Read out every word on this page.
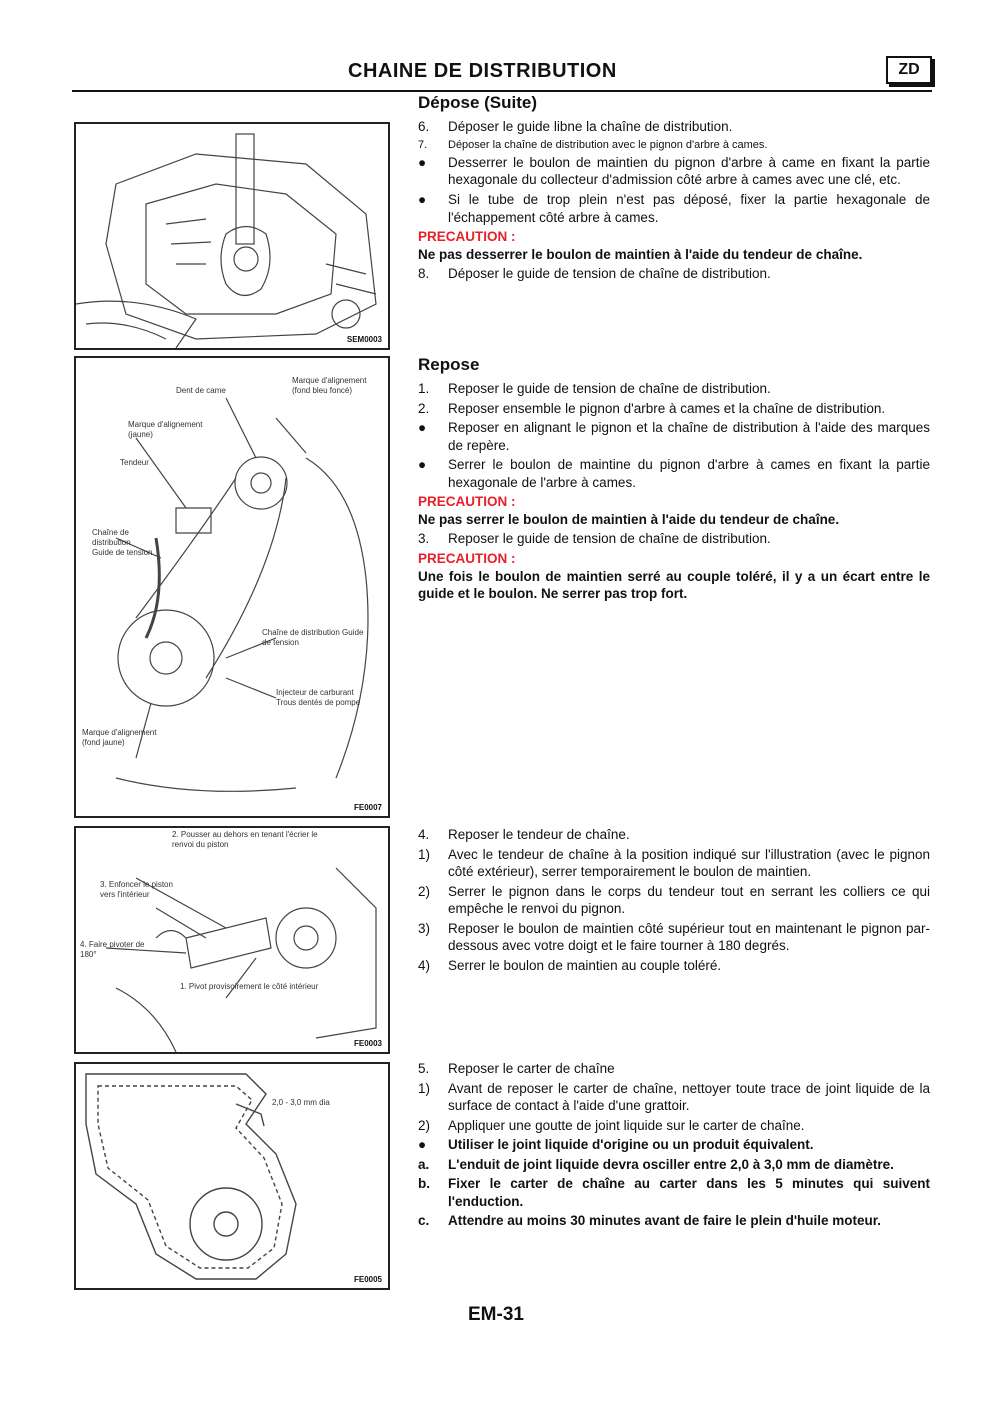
CHAINE DE DISTRIBUTION	ZD
SEM0003
Dent de came
Marque d'alignement (fond bleu foncé)
Marque d'alignement (jaune)
Tendeur
Chaîne de distribution Guide de tension
Chaîne de distribution Guide de tension
Injecteur de carburant Trous dentés de pompe
Marque d'alignement (fond jaune)
FE0007
2. Pousser au dehors en tenant l'écrier le renvoi du piston
3. Enfoncer le piston vers l'intérieur
4. Faire pivoter de 180°
1. Pivot provisoirement le côté intérieur
FE0003
2,0 - 3,0 mm dia
FE0005
Dépose (Suite)
6.	Déposer le guide libne la chaîne de distribution.
7.	Déposer la chaîne de distribution avec le pignon d'arbre à cames.
●	Desserrer le boulon de maintien du pignon d'arbre à came en fixant la partie hexagonale du collecteur d'admission côté arbre à cames avec une clé, etc.
●	Si le tube de trop plein n'est pas déposé, fixer la partie hexagonale de l'échappement côté arbre à cames.
PRECAUTION :
Ne pas desserrer le boulon de maintien à l'aide du tendeur de chaîne.
8.	Déposer le guide de tension de chaîne de distribution.
Repose
1.	Reposer le guide de tension de chaîne de distribution.
2.	Reposer ensemble le pignon d'arbre à cames et la chaîne de distribution.
●	Reposer en alignant le pignon et la chaîne de distribution à l'aide des marques de repère.
●	Serrer le boulon de maintine du pignon d'arbre à cames en fixant la partie hexagonale de l'arbre à cames.
PRECAUTION :
Ne pas serrer le boulon de maintien à l'aide du tendeur de chaîne.
3.	Reposer le guide de tension de chaîne de distribution.
PRECAUTION :
Une fois le boulon de maintien serré au couple toléré, il y a un écart entre le guide et le boulon. Ne serrer pas trop fort.
4.	Reposer le tendeur de chaîne.
1)	Avec le tendeur de chaîne à la position indiqué sur l'illustration (avec le pignon côté extérieur), serrer temporairement le boulon de maintien.
2)	Serrer le pignon dans le corps du tendeur tout en serrant les colliers ce qui empêche le renvoi du pignon.
3)	Reposer le boulon de maintien côté supérieur tout en maintenant le pignon par-dessous avec votre doigt et le faire tourner à 180 degrés.
4)	Serrer le boulon de maintien au couple toléré.
5.	Reposer le carter de chaîne
1)	Avant de reposer le carter de chaîne, nettoyer toute trace de joint liquide de la surface de contact à l'aide d'une grattoir.
2)	Appliquer une goutte de joint liquide sur le carter de chaîne.
●	Utiliser le joint liquide d'origine ou un produit équivalent.
a.	L'enduit de joint liquide devra osciller entre 2,0 à 3,0 mm de diamètre.
b.	Fixer le carter de chaîne au carter dans les 5 minutes qui suivent l'enduction.
c.	Attendre au moins 30 minutes avant de faire le plein d'huile moteur.
EM-31
